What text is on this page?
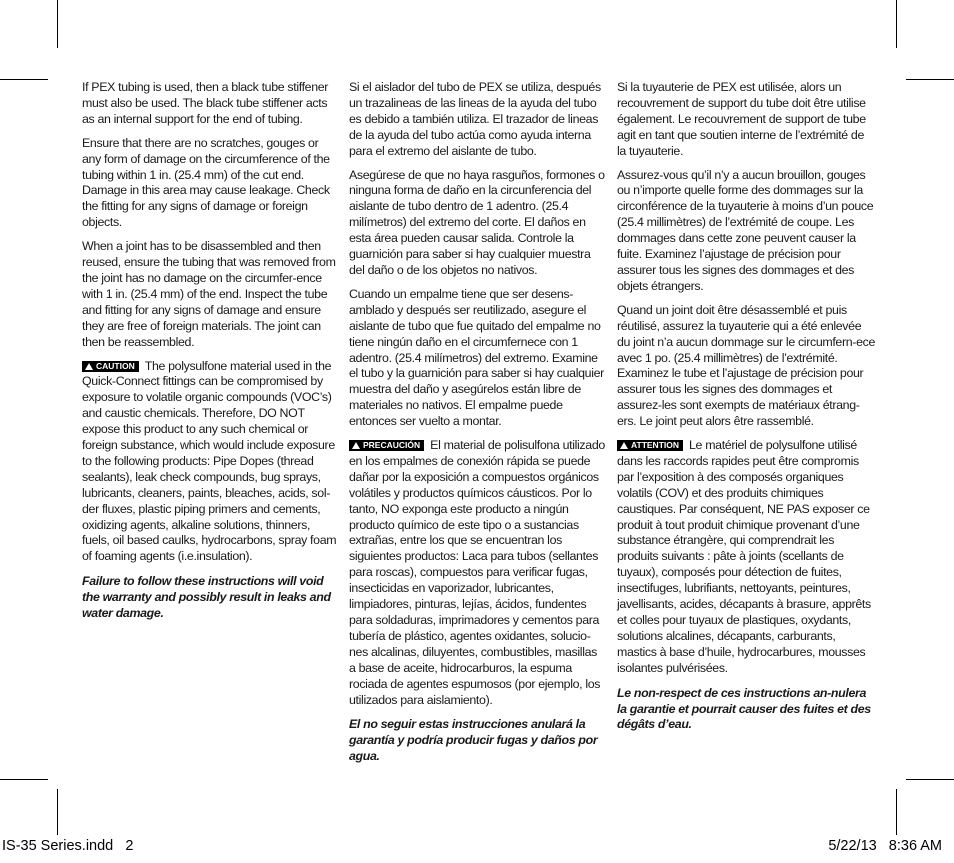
If PEX tubing is used, then a black tube stiffener must also be used. The black tube stiffener acts as an internal support for the end of tubing.

Ensure that there are no scratches, gouges or any form of damage on the circumference of the tubing within 1 in. (25.4 mm) of the cut end. Damage in this area may cause leakage. Check the fitting for any signs of damage or foreign objects.

When a joint has to be disassembled and then reused, ensure the tubing that was removed from the joint has no damage on the circumfer-ence with 1 in. (25.4 mm) of the end. Inspect the tube and fitting for any signs of damage and ensure they are free of foreign materials. The joint can then be reassembled.

CAUTION The polysulfone material used in the Quick-Connect fittings can be compromised by exposure to volatile organic compounds (VOC’s) and caustic chemicals. Therefore, DO NOT expose this product to any such chemical or foreign substance, which would include exposure to the following products: Pipe Dopes (thread sealants), leak check compounds, bug sprays, lubricants, cleaners, paints, bleaches, acids, sol-der fluxes, plastic piping primers and cements, oxidizing agents, alkaline solutions, thinners, fuels, oil based caulks, hydrocarbons, spray foam of foaming agents (i.e.insulation).

Failure to follow these instructions will void the warranty and possibly result in leaks and water damage.

Si el aislador del tubo de PEX se utiliza, después un trazalineas de las lineas de la ayuda del tubo es debido a también utiliza. El trazador de lineas de la ayuda del tubo actúa como ayuda interna para el extremo del aislante de tubo.

Asegúrese de que no haya rasguños, formones o ninguna forma de daño en la circunferencia del aislante de tubo dentro de 1 adentro. (25.4 milímetros) del extremo del corte. El daños en esta área pueden causar salida. Controle la guarnición para saber si hay cualquier muestra del daño o de los objetos no nativos.

Cuando un empalme tiene que ser desens-amblado y después ser reutilizado, asegure el aislante de tubo que fue quitado del empalme no tiene ningún daño en el circumfernece con 1 adentro. (25.4 milímetros) del extremo. Examine el tubo y la guarnición para saber si hay cualquier muestra del daño y asegúrelos están libre de materiales no nativos. El empalme puede entonces ser vuelto a montar.

PRECAUCIÓN El material de polisulfona utilizado en los empalmes de conexión rápida se puede dañar por la exposición a compuestos orgánicos volátiles y productos químicos cáusticos. Por lo tanto, NO exponga este producto a ningún producto químico de este tipo o a sustancias extrañas, entre los que se encuentran los siguientes productos: Laca para tubos (sellantes para roscas), compuestos para verificar fugas, insecticidas en vaporizador, lubricantes, limpiadores, pinturas, lejías, ácidos, fundentes para soldaduras, imprimadores y cementos para tubería de plástico, agentes oxidantes, solucio-nes alcalinas, diluyentes, combustibles, masillas a base de aceite, hidrocarburos, la espuma rociada de agentes espumosos (por ejemplo, los utilizados para aislamiento).

El no seguir estas instrucciones anulará la garantía y podría producir fugas y daños por agua.

Si la tuyauterie de PEX est utilisée, alors un recouvrement de support du tube doit être utilise également. Le recouvrement de support de tube agit en tant que soutien interne de l’extrémité de la tuyauterie.

Assurez-vous qu’il n’y a aucun brouillon, gouges ou n’importe quelle forme des dommages sur la circonférence de la tuyauterie à moins d’un pouce (25.4 millimètres) de l’extrémité de coupe. Les dommages dans cette zone peuvent causer la fuite. Examinez l’ajustage de précision pour assurer tous les signes des dommages et des objets étrangers.

Quand un joint doit être désassemblé et puis réutilisé, assurez la tuyauterie qui a été enlevée du joint n’a aucun dommage sur le circumfern-ece avec 1 po. (25.4 millimètres) de l’extrémité. Examinez le tube et l’ajustage de précision pour assurer tous les signes des dommages et assurez-les sont exempts de matériaux étrang-ers. Le joint peut alors être rassemblé.

ATTENTION Le matériel de polysulfone utilisé dans les raccords rapides peut être compromis par l’exposition à des composés organiques volatils (COV) et des produits chimiques caustiques. Par conséquent, NE PAS exposer ce produit à tout produit chimique provenant d’une substance étrangère, qui comprendrait les produits suivants : pâte à joints (scellants de tuyaux), composés pour détection de fuites, insectifuges, lubrifiants, nettoyants, peintures, javellisants, acides, décapants à brasure, apprêts et colles pour tuyaux de plastiques, oxydants, solutions alcalines, décapants, carburants, mastics à base d’huile, hydrocarbures, mousses isolantes pulvérisées.

Le non-respect de ces instructions an-nulera la garantie et pourrait causer des fuites et des dégâts d’eau.

IS-35 Series.indd   2	5/22/13   8:36 AM
